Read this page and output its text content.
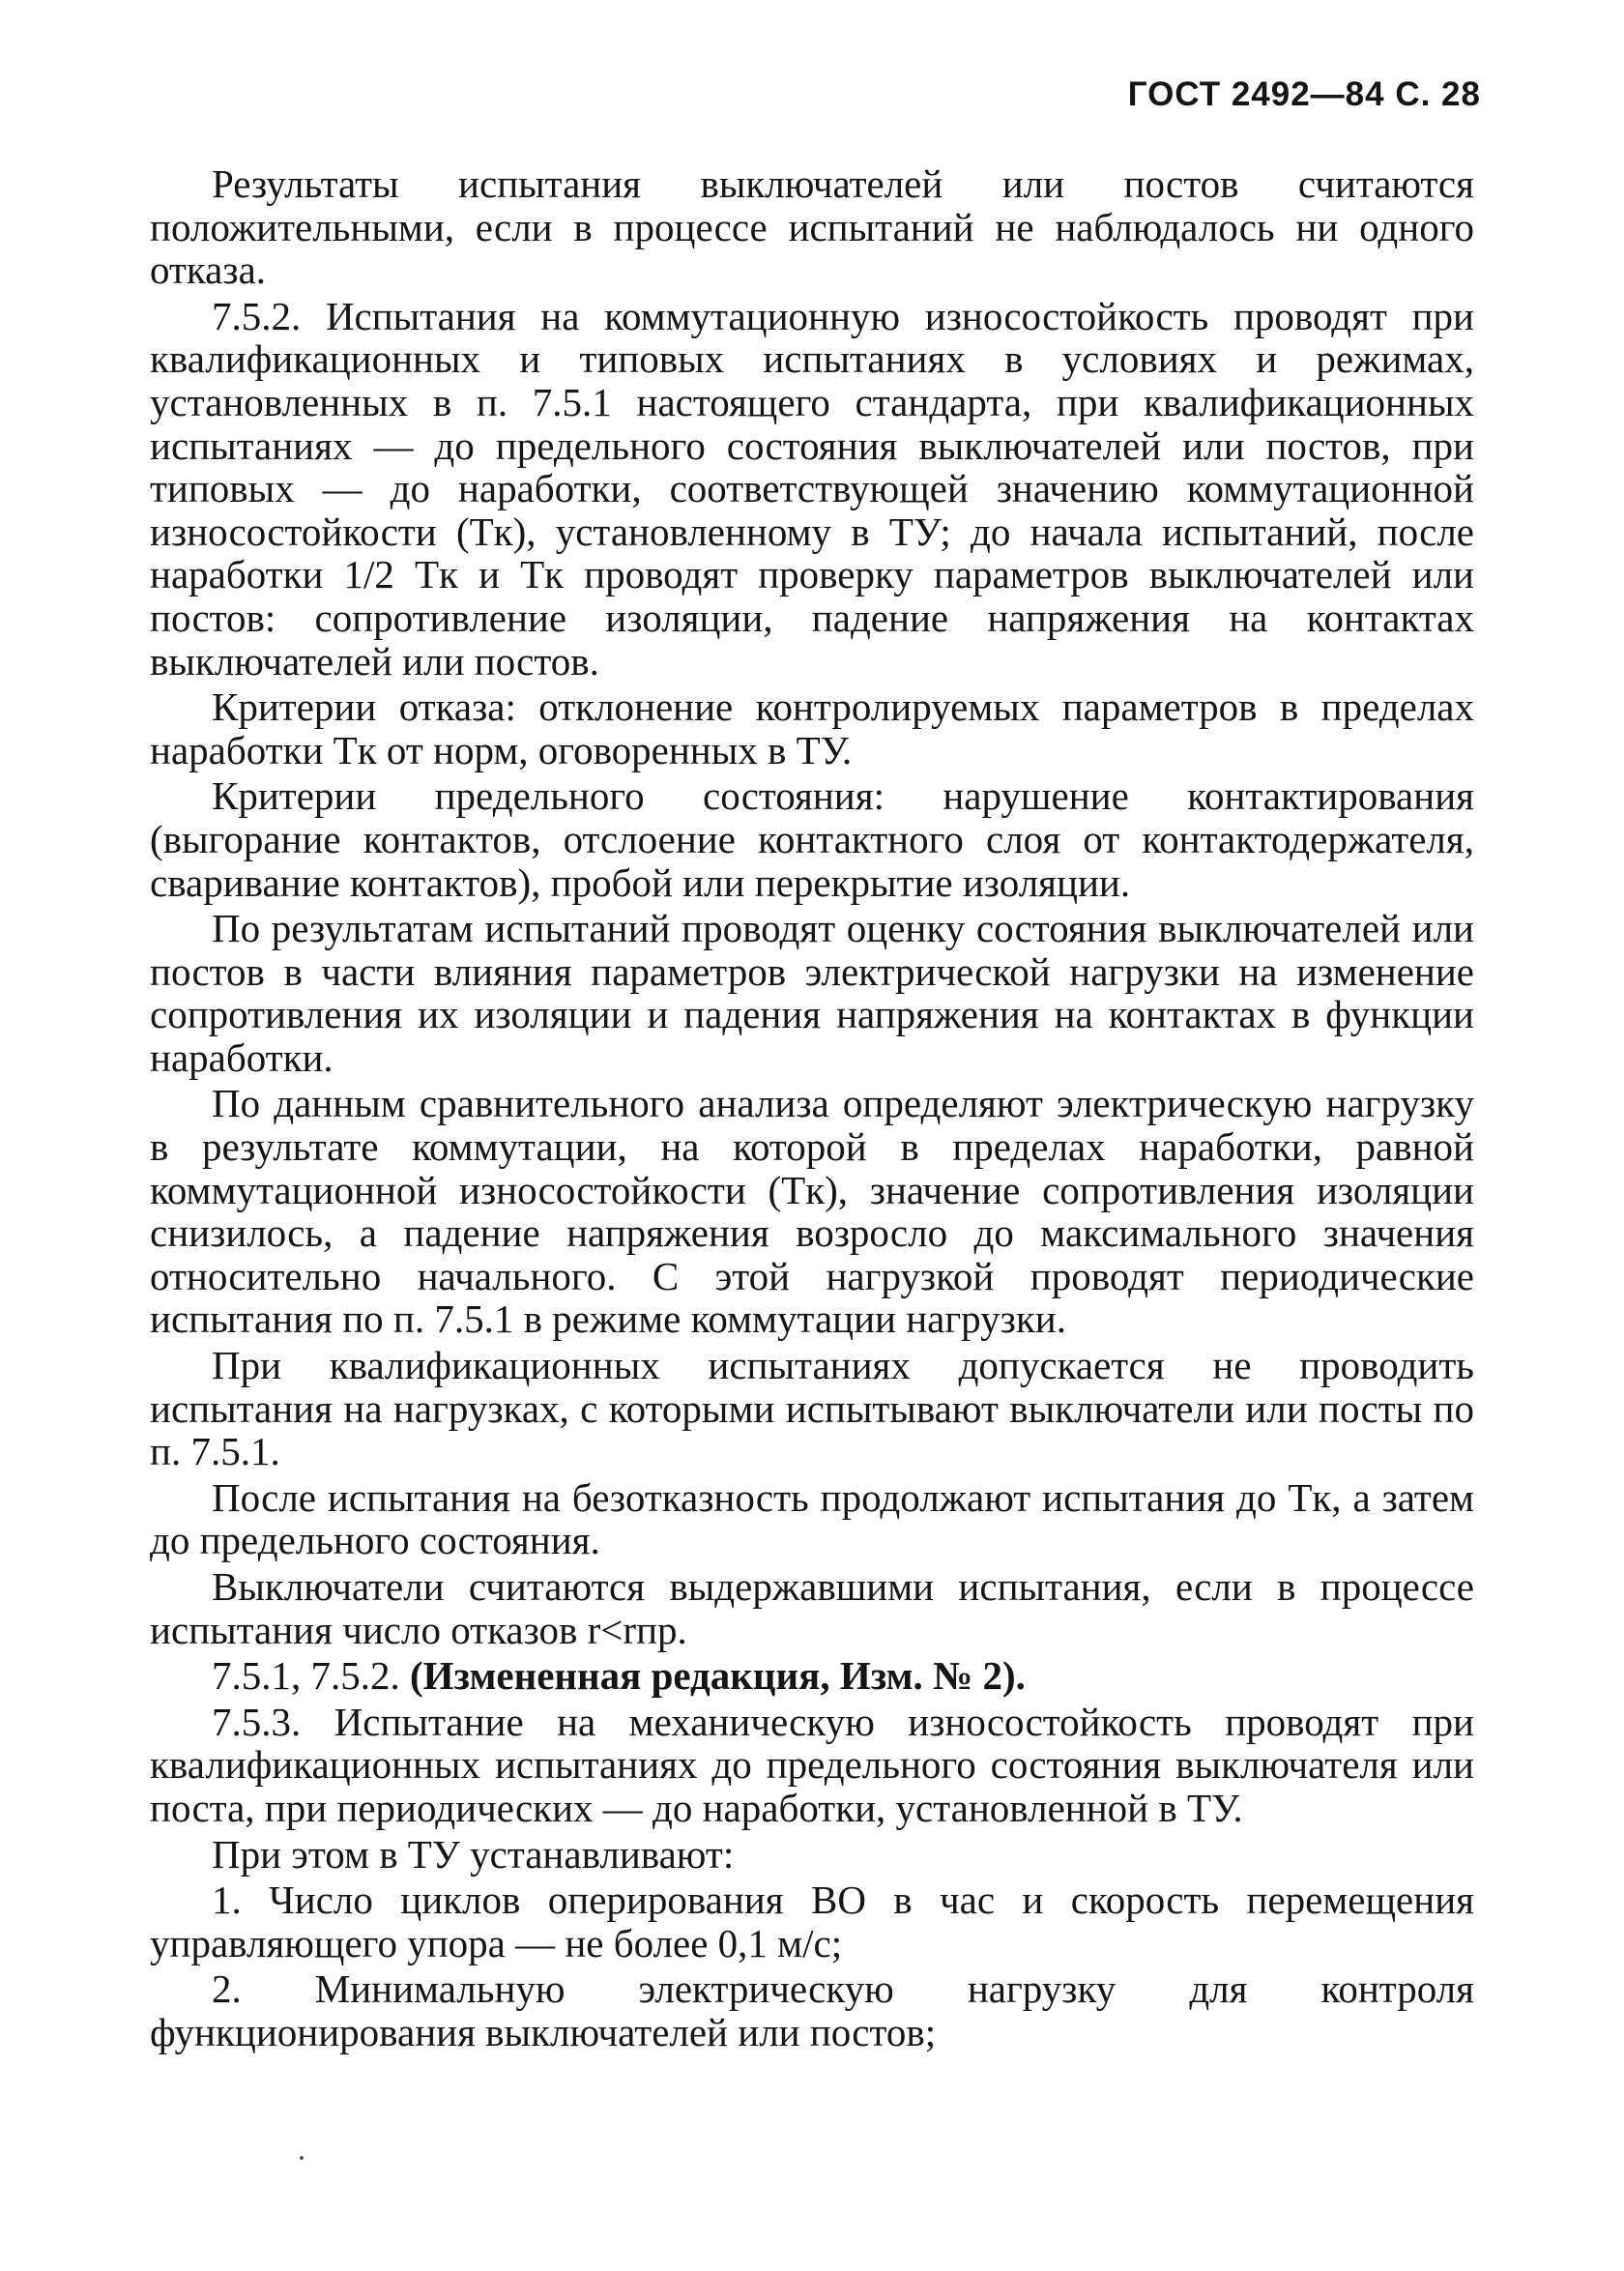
ГОСТ 2492—84 С. 28

Результаты испытания выключателей или постов считаются положительными, если в процессе испытаний не наблюдалось ни одного отказа.

7.5.2. Испытания на коммутационную износостойкость проводят при квалификационных и типовых испытаниях в условиях и режимах, установленных в п. 7.5.1 настоящего стандарта, при квалификационных испытаниях — до предельного состояния выключателей или постов, при типовых — до наработки, соответствующей значению коммутационной износостойкости (Tк), установленному в ТУ; до начала испытаний, после наработки 1/2 Tк и Tк проводят проверку параметров выключателей или постов: сопротивление изоляции, падение напряжения на контактах выключателей или постов.

Критерии отказа: отклонение контролируемых параметров в пределах наработки Tк от норм, оговоренных в ТУ.

Критерии предельного состояния: нарушение контактирования (выгорание контактов, отслоение контактного слоя от контактодержателя, сваривание контактов), пробой или перекрытие изоляции.

По результатам испытаний проводят оценку состояния выключателей или постов в части влияния параметров электрической нагрузки на изменение сопротивления их изоляции и падения напряжения на контактах в функции наработки.

По данным сравнительного анализа определяют электрическую нагрузку в результате коммутации, на которой в пределах наработки, равной коммутационной износостойкости (Tк), значение сопротивления изоляции снизилось, а падение напряжения возросло до максимального значения относительно начального. С этой нагрузкой проводят периодические испытания по п. 7.5.1 в режиме коммутации нагрузки.

При квалификационных испытаниях допускается не проводить испытания на нагрузках, с которыми испытывают выключатели или посты по п. 7.5.1.

После испытания на безотказность продолжают испытания до Tк, а затем до предельного состояния.

Выключатели считаются выдержавшими испытания, если в процессе испытания число отказов r<rпр.

7.5.1, 7.5.2. (Измененная редакция, Изм. № 2).

7.5.3. Испытание на механическую износостойкость проводят при квалификационных испытаниях до предельного состояния выключателя или поста, при периодических — до наработки, установленной в ТУ.

При этом в ТУ устанавливают:

1. Число циклов оперирования ВО в час и скорость перемещения управляющего упора — не более 0,1 м/с;

2. Минимальную электрическую нагрузку для контроля функционирования выключателей или постов;
